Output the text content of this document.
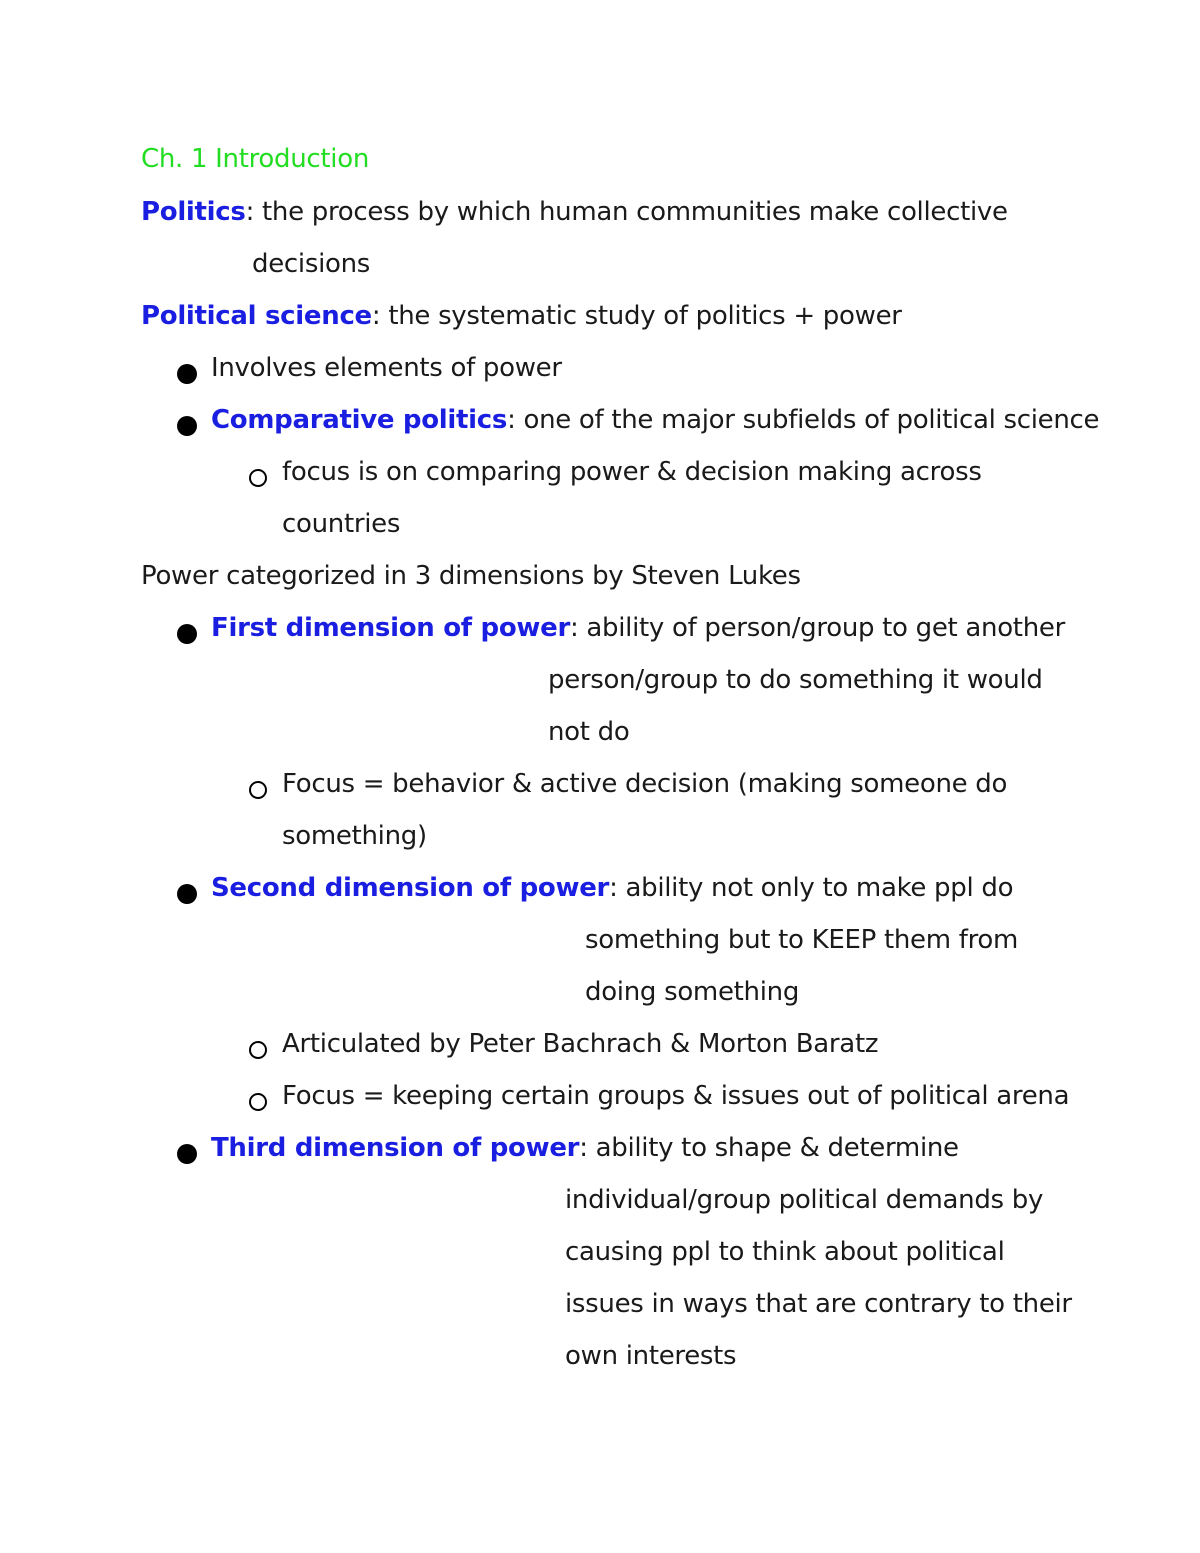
Ch. 1 Introduction
Politics: the process by which human communities make collective
decisions
Political science: the systematic study of politics + power
Involves elements of power
Comparative politics: one of the major subfields of political science
focus is on comparing power & decision making across
countries
Power categorized in 3 dimensions by Steven Lukes
First dimension of power: ability of person/group to get another
person/group to do something it would
not do
Focus = behavior & active decision (making someone do
something)
Second dimension of power: ability not only to make ppl do
something but to KEEP them from
doing something
Articulated by Peter Bachrach & Morton Baratz
Focus = keeping certain groups & issues out of political arena
Third dimension of power: ability to shape & determine
individual/group political demands by
causing ppl to think about political
issues in ways that are contrary to their
own interests
